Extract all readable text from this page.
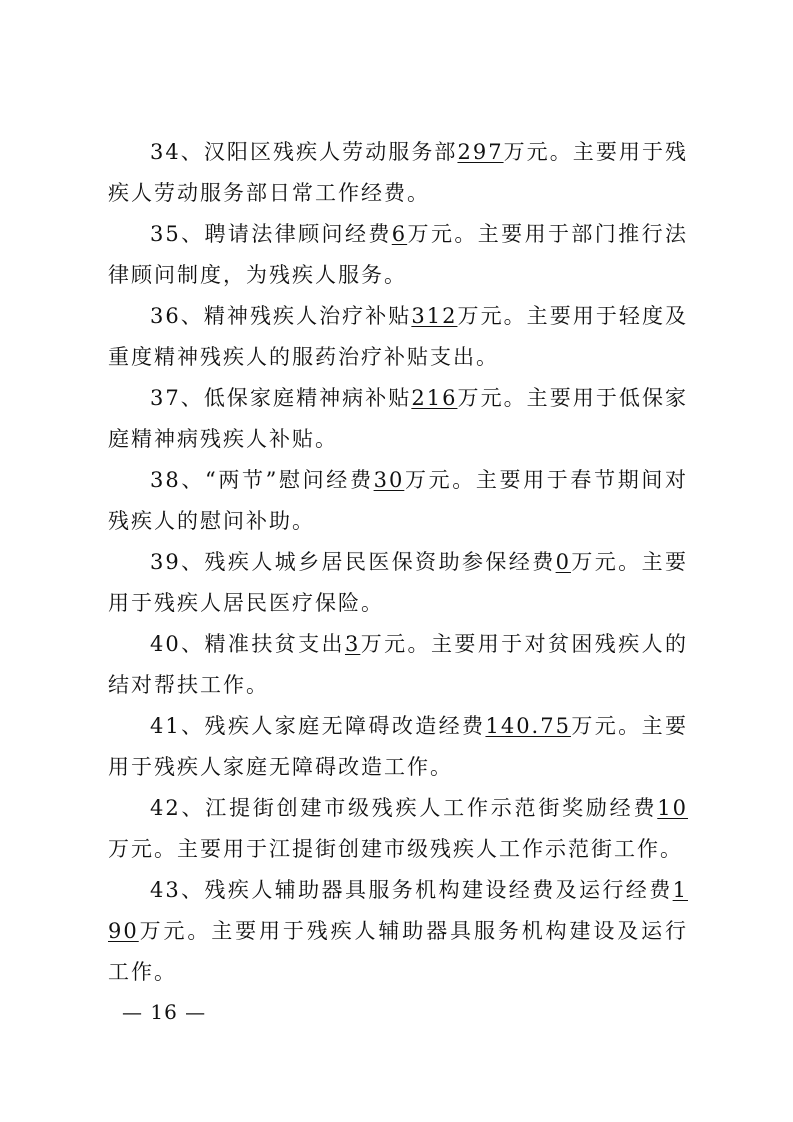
34、汉阳区残疾人劳动服务部297万元。主要用于残疾人劳动服务部日常工作经费。

35、聘请法律顾问经费6万元。主要用于部门推行法律顾问制度，为残疾人服务。

36、精神残疾人治疗补贴312万元。主要用于轻度及重度精神残疾人的服药治疗补贴支出。

37、低保家庭精神病补贴216万元。主要用于低保家庭精神病残疾人补贴。

38、“两节”慰问经费30万元。主要用于春节期间对残疾人的慰问补助。

39、残疾人城乡居民医保资助参保经费0万元。主要用于残疾人居民医疗保险。

40、精准扶贫支出3万元。主要用于对贫困残疾人的结对帮扶工作。

41、残疾人家庭无障碍改造经费140.75万元。主要用于残疾人家庭无障碍改造工作。

42、江提街创建市级残疾人工作示范街奖励经费10万元。主要用于江提街创建市级残疾人工作示范街工作。

43、残疾人辅助器具服务机构建设经费及运行经费190万元。主要用于残疾人辅助器具服务机构建设及运行工作。

— 16 —
